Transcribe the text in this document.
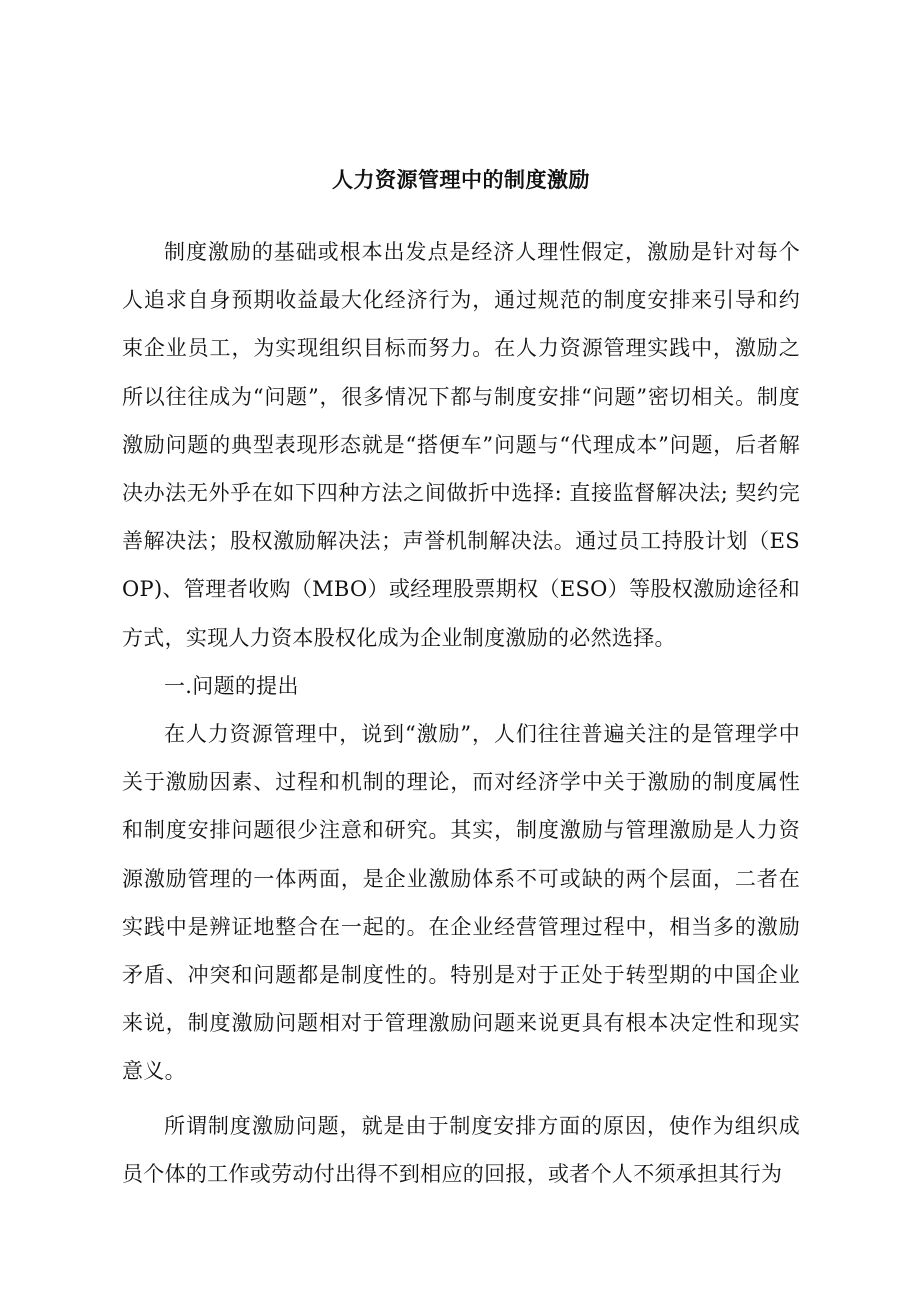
人力资源管理中的制度激励

制度激励的基础或根本出发点是经济人理性假定，激励是针对每个人追求自身预期收益最大化经济行为，通过规范的制度安排来引导和约束企业员工，为实现组织目标而努力。在人力资源管理实践中，激励之所以往往成为“问题”，很多情况下都与制度安排“问题”密切相关。制度激励问题的典型表现形态就是“搭便车”问题与“代理成本”问题，后者解决办法无外乎在如下四种方法之间做折中选择: 直接监督解决法; 契约完善解决法；股权激励解决法；声誉机制解决法。通过员工持股计划（ESOP)、管理者收购（MBO）或经理股票期权（ESO）等股权激励途径和方式，实现人力资本股权化成为企业制度激励的必然选择。

一.问题的提出

在人力资源管理中，说到“激励”，人们往往普遍关注的是管理学中关于激励因素、过程和机制的理论，而对经济学中关于激励的制度属性和制度安排问题很少注意和研究。其实，制度激励与管理激励是人力资源激励管理的一体两面，是企业激励体系不可或缺的两个层面，二者在实践中是辨证地整合在一起的。在企业经营管理过程中，相当多的激励矛盾、冲突和问题都是制度性的。特别是对于正处于转型期的中国企业来说，制度激励问题相对于管理激励问题来说更具有根本决定性和现实意义。

所谓制度激励问题，就是由于制度安排方面的原因，使作为组织成员个体的工作或劳动付出得不到相应的回报，或者个人不须承担其行为
